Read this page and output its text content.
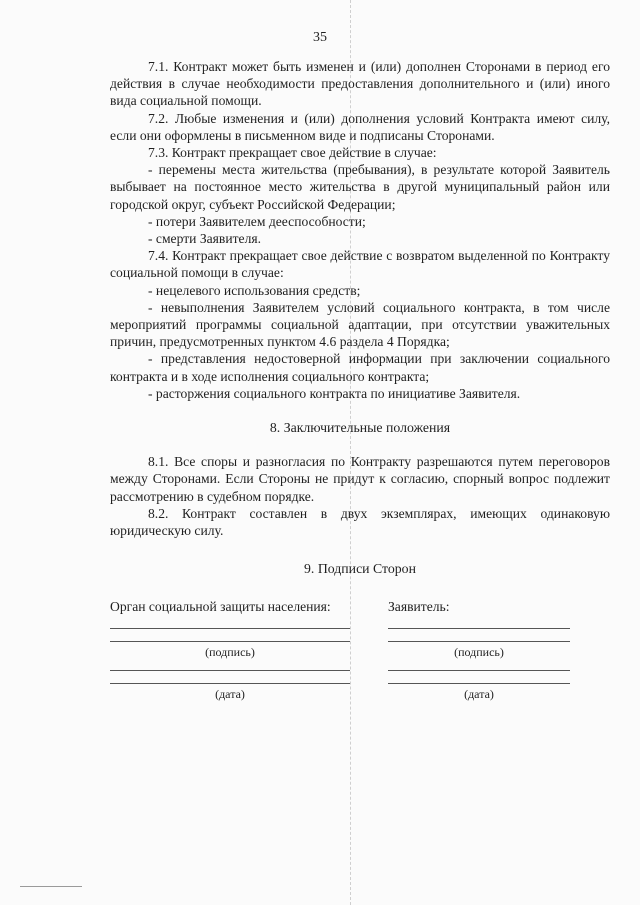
35

7.1. Контракт может быть изменен и (или) дополнен Сторонами в период его действия в случае необходимости предоставления дополнительного и (или) иного вида социальной помощи.

7.2. Любые изменения и (или) дополнения условий Контракта имеют силу, если они оформлены в письменном виде и подписаны Сторонами.

7.3. Контракт прекращает свое действие в случае:

- перемены места жительства (пребывания), в результате которой Заявитель выбывает на постоянное место жительства в другой муниципальный район или городской округ, субъект Российской Федерации;

- потери Заявителем дееспособности;

- смерти Заявителя.

7.4. Контракт прекращает свое действие с возвратом выделенной по Контракту социальной помощи в случае:

- нецелевого использования средств;

- невыполнения Заявителем условий социального контракта, в том числе мероприятий программы социальной адаптации, при отсутствии уважительных причин, предусмотренных пунктом 4.6 раздела 4 Порядка;

- представления недостоверной информации при заключении социального контракта и в ходе исполнения социального контракта;

- расторжения социального контракта по инициативе Заявителя.

8. Заключительные положения

8.1. Все споры и разногласия по Контракту разрешаются путем переговоров между Сторонами. Если Стороны не придут к согласию, спорный вопрос подлежит рассмотрению в судебном порядке.

8.2. Контракт составлен в двух экземплярах, имеющих одинаковую юридическую силу.

9. Подписи Сторон

Орган социальной защиты населения:

(подпись)
(дата)

Заявитель:

(подпись)
(дата)
